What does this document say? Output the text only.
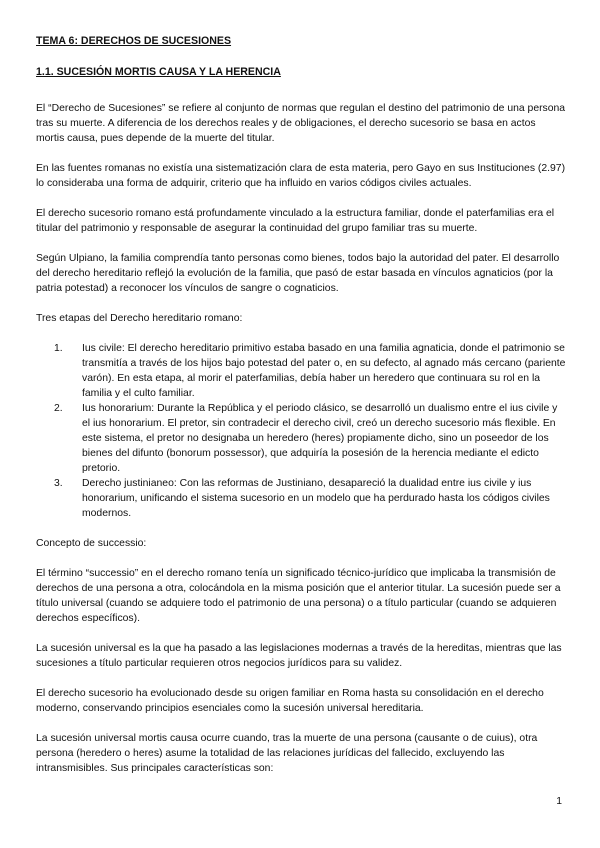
TEMA 6: DERECHOS DE SUCESIONES
1.1. SUCESIÓN MORTIS CAUSA Y LA HERENCIA

El “Derecho de Sucesiones” se refiere al conjunto de normas que regulan el destino del patrimonio de una persona tras su muerte. A diferencia de los derechos reales y de obligaciones, el derecho sucesorio se basa en actos mortis causa, pues depende de la muerte del titular.

En las fuentes romanas no existía una sistematización clara de esta materia, pero Gayo en sus Instituciones (2.97) lo consideraba una forma de adquirir, criterio que ha influido en varios códigos civiles actuales.

El derecho sucesorio romano está profundamente vinculado a la estructura familiar, donde el paterfamilias era el titular del patrimonio y responsable de asegurar la continuidad del grupo familiar tras su muerte.

Según Ulpiano, la familia comprendía tanto personas como bienes, todos bajo la autoridad del pater. El desarrollo del derecho hereditario reflejó la evolución de la familia, que pasó de estar basada en vínculos agnaticios (por la patria potestad) a reconocer los vínculos de sangre o cognaticios.

Tres etapas del Derecho hereditario romano:

1. Ius civile: El derecho hereditario primitivo estaba basado en una familia agnaticia, donde el patrimonio se transmitía a través de los hijos bajo potestad del pater o, en su defecto, al agnado más cercano (pariente varón). En esta etapa, al morir el paterfamilias, debía haber un heredero que continuara su rol en la familia y el culto familiar.
2. Ius honorarium: Durante la República y el periodo clásico, se desarrolló un dualismo entre el ius civile y el ius honorarium. El pretor, sin contradecir el derecho civil, creó un derecho sucesorio más flexible. En este sistema, el pretor no designaba un heredero (heres) propiamente dicho, sino un poseedor de los bienes del difunto (bonorum possessor), que adquiría la posesión de la herencia mediante el edicto pretorio.
3. Derecho justinianeo: Con las reformas de Justiniano, desapareció la dualidad entre ius civile y ius honorarium, unificando el sistema sucesorio en un modelo que ha perdurado hasta los códigos civiles modernos.

Concepto de successio:

El término “successio” en el derecho romano tenía un significado técnico-jurídico que implicaba la transmisión de derechos de una persona a otra, colocándola en la misma posición que el anterior titular. La sucesión puede ser a título universal (cuando se adquiere todo el patrimonio de una persona) o a título particular (cuando se adquieren derechos específicos).

La sucesión universal es la que ha pasado a las legislaciones modernas a través de la hereditas, mientras que las sucesiones a título particular requieren otros negocios jurídicos para su validez.

El derecho sucesorio ha evolucionado desde su origen familiar en Roma hasta su consolidación en el derecho moderno, conservando principios esenciales como la sucesión universal hereditaria.

La sucesión universal mortis causa ocurre cuando, tras la muerte de una persona (causante o de cuius), otra persona (heredero o heres) asume la totalidad de las relaciones jurídicas del fallecido, excluyendo las intransmisibles. Sus principales características son:

1
